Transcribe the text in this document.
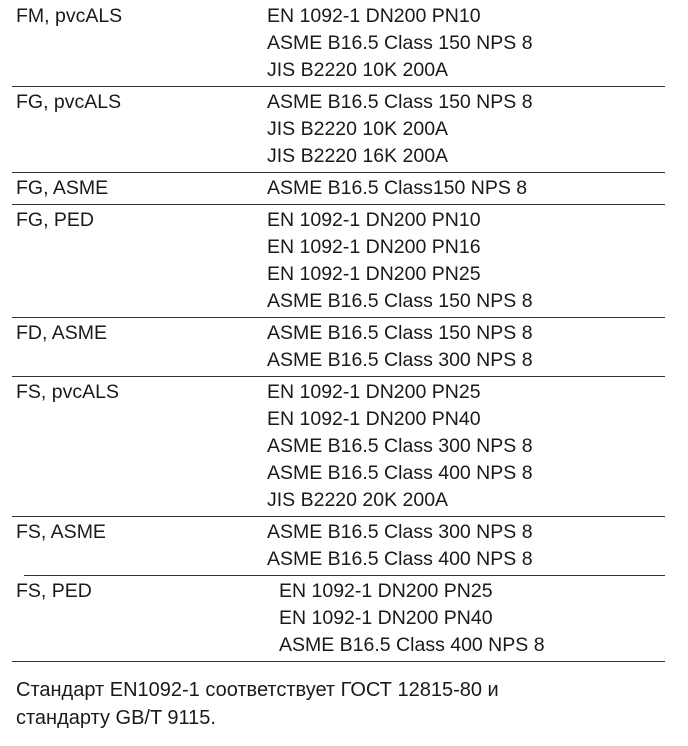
FM, pvcALS	EN 1092-1 DN200 PN10
ASME B16.5 Class 150 NPS 8
JIS B2220 10K 200A
FG, pvcALS	ASME B16.5 Class 150 NPS 8
JIS B2220 10K 200A
JIS B2220 16K 200A
FG, ASME	ASME B16.5 Class150 NPS 8
FG, PED	EN 1092-1 DN200 PN10
EN 1092-1 DN200 PN16
EN 1092-1 DN200 PN25
ASME B16.5 Class 150 NPS 8
FD, ASME	ASME B16.5 Class 150 NPS 8
ASME B16.5 Class 300 NPS 8
FS, pvcALS	EN 1092-1 DN200 PN25
EN 1092-1 DN200 PN40
ASME B16.5 Class 300 NPS 8
ASME B16.5 Class 400 NPS 8
JIS B2220 20K 200A
FS, ASME	ASME B16.5 Class 300 NPS 8
ASME B16.5 Class 400 NPS 8
FS, PED	EN 1092-1 DN200 PN25
EN 1092-1 DN200 PN40
ASME B16.5 Class 400 NPS 8
Стандарт EN1092-1 соответствует ГОСТ 12815-80 и
стандарту GB/T 9115.
